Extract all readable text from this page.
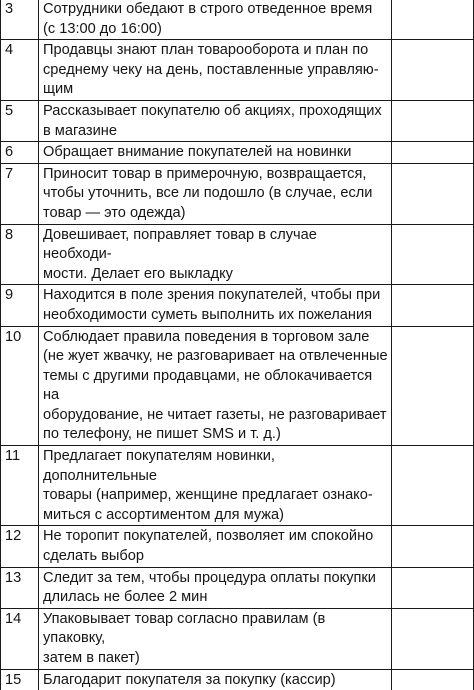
3	Сотрудники обедают в строго отведенное время
(с 13:00 до 16:00)	
4	Продавцы знают план товарооборота и план по
среднему чеку на день, поставленные управляю-
щим	
5	Рассказывает покупателю об акциях, проходящих
в магазине	
6	Обращает внимание покупателей на новинки	
7	Приносит товар в примерочную, возвращается,
чтобы уточнить, все ли подошло (в случае, если
товар — это одежда)	
8	Довешивает, поправляет товар в случае необходи-
мости. Делает его выкладку	
9	Находится в поле зрения покупателей, чтобы при
необходимости суметь выполнить их пожелания	
10	Соблюдает правила поведения в торговом зале
(не жует жвачку, не разговаривает на отвлеченные
темы с другими продавцами, не облокачивается на
оборудование, не читает газеты, не разговаривает
по телефону, не пишет SMS и т. д.)	
11	Предлагает покупателям новинки, дополнительные
товары (например, женщине предлагает ознако-
миться с ассортиментом для мужа)	
12	Не торопит покупателей, позволяет им спокойно
сделать выбор	
13	Следит за тем, чтобы процедура оплаты покупки
длилась не более 2 мин	
14	Упаковывает товар согласно правилам (в упаковку,
затем в пакет)	
15	Благодарит покупателя за покупку (кассир)	
